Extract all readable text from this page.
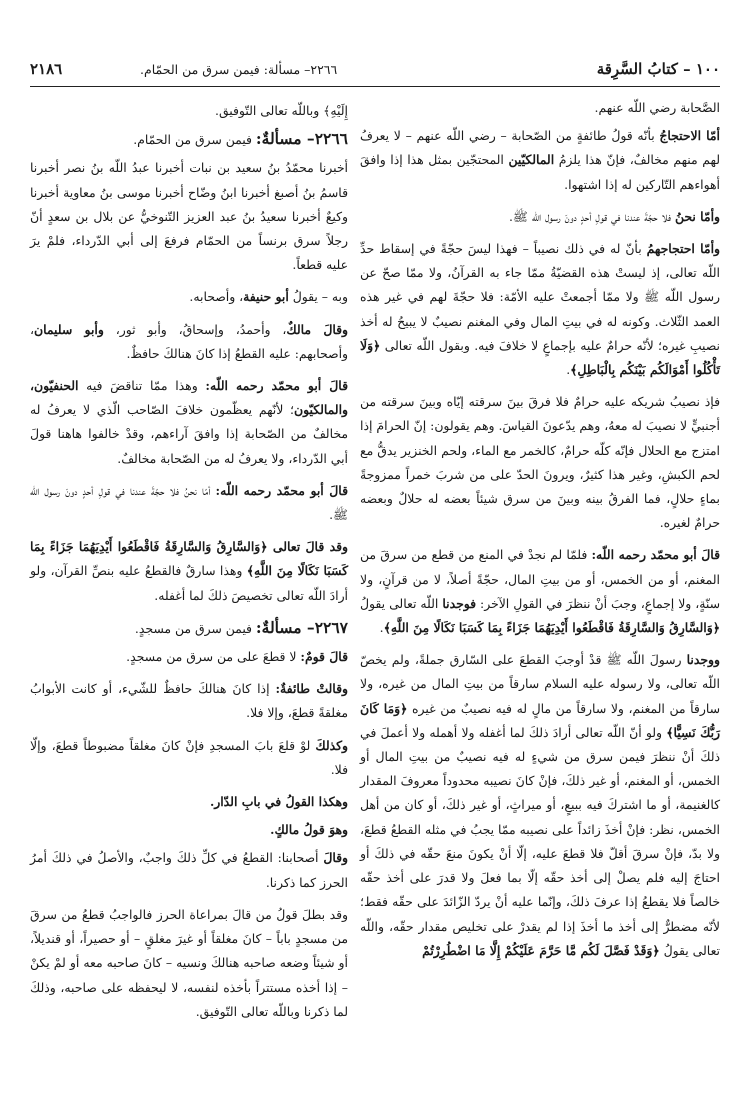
١٠٠ – كتابُ السَّرِقة
٢٢٦٦– مسألة: فيمن سرق من الحمّام.
٢١٨٦

الصَّحابة رضي اللّه عنهم.

أمّا الاحتجاجُ بأنّه قولُ طائفةٍ من الصّحابة – رضي اللّه عنهم – لا يعرفُ لهم منهم مخالفٌ، فإنّ هذا يلزمُ المالكيّين المحتجّين بمثل هذا إذا وافقَ أهواءهم التّاركين له إذا اشتهوا.

وأمّا نحنُ فلا حجّةَ عندنا في قولِ أحدٍ دونَ رسول اللّه ﷺ.

وأمّا احتجاجهمُ بأنّ له في ذلك نصيباً – فهذا ليسَ حجّةً في إسقاط حدِّ اللّه تعالى، إذ ليستْ هذه القضيّةُ ممّا جاء به القرآنُ، ولا ممّا صحّ عن رسول اللّه ﷺ ولا ممّا أجمعتْ عليه الأمّة: فلا حجّةَ لهم في غير هذه العمد الثّلاث. وكونه له في بيتِ المال وفي المغنم نصيبٌ لا يبيحُ له أخذ نصيبِ غيره؛ لأنّه حرامٌ عليه بإجماعٍ لا خلافَ فيه. وبقول اللّه تعالى ﴿وَلَا تَأْكُلُوا أَمْوَالَكُم بَيْنَكُم بِالْبَاطِلِ﴾.

فإذ نصيبُ شريكه عليه حرامٌ فلا فرقَ بينَ سرقته إيّاه وبينَ سرقته من أجنبيٍّ لا نصيبَ له معهُ، وهم يدّعونَ القياسَ. وهم يقولون: إنّ الحرامَ إذا امتزج مع الحلال فإنّه كلّه حرامٌ، كالخمر مع الماء، ولحم الخنزير يدقُّ مع لحم الكبشِ، وغير هذا كثيرٌ، ويرونَ الحدّ على من شربَ خمراً ممزوجةً بماءٍ حلالٍ، فما الفرقُ بينه وبينَ من سرق شيئاً بعضه له حلالٌ وبعضه حرامٌ لغيره.

قالَ أبو محمّد رحمه اللّه: فلمّا لم نجدْ في المنع من قطع من سرقَ من المغنم، أو من الخمس، أو من بيتِ المال، حجّةً أصلاً، لا من قرآنٍ، ولا سنّةٍ، ولا إجماعٍ، وجبَ أنْ ننظرَ في القولِ الآخر: فوجدنا اللّه تعالى يقولُ ﴿وَالسَّارِقُ وَالسَّارِقَةُ فَاقْطَعُوا أَيْدِيَهُمَا جَزَاءً بِمَا كَسَبَا نَكَالًا مِنَ اللَّهِ﴾.

ووجدنا رسولَ اللّه ﷺ قدْ أوجبَ القطعَ على السّارق جملةً، ولم يخصّ اللّه تعالى، ولا رسوله عليه السلام سارقاً من بيتِ المال من غيره، ولا سارقاً من المغنم، ولا سارقاً من مالٍ له فيه نصيبٌ من غيره ﴿وَمَا كَانَ رَبُّكَ نَسِيًّا﴾ ولو أنّ اللّه تعالى أرادَ ذلكَ لما أغفله ولا أهمله ولا أعملَ في ذلكَ أنْ ننظرَ فيمن سرق من شيءٍ له فيه نصيبٌ من بيتِ المال أو الخمس، أو المغنم، أو غير ذلكَ، فإنْ كانَ نصيبه محدوداً معروفَ المقدار كالغنيمة، أو ما اشتركَ فيه ببيعٍ، أو ميراثٍ، أو غير ذلكَ، أو كان من أهل الخمس، نظر: فإنْ أخذَ زائداً على نصيبه ممّا يجبُ في مثله القطعُ قطعَ، ولا بدّ، فإنْ سرقَ أقلّ فلا قطعَ عليه، إلّا أنْ يكونَ منعَ حقّه في ذلكَ أو احتاجَ إليه فلم يصلْ إلى أخذ حقّه إلّا بما فعلَ ولا قدرَ على أخذ حقّه خالصاً فلا يقطعُ إذا عرفَ ذلكَ، وإنّما عليه أنْ يردّ الزّائدَ على حقّه فقط؛ لأنّه مضطرٌّ إلى أخذ ما أخذَ إذا لم يقدرْ على تخليص مقدار حقّه، واللّه تعالى يقولُ ﴿وَقَدْ فَصَّلَ لَكُم مَّا حَرَّمَ عَلَيْكُمْ إِلَّا مَا اضْطُرِرْتُمْ

إِلَيْهِ﴾ وباللّه تعالى التّوفيق.

٢٢٦٦– مسألةٌ: فيمن سرق من الحمّام.

أخبرنا محمّدُ بنُ سعيد بن نبات أخبرنا عبدُ اللّه بنُ نصر أخبرنا قاسمُ بنُ أصبغ أخبرنا ابنُ وضّاح أخبرنا موسى بنُ معاوية أخبرنا وكيعٌ أخبرنا سعيدُ بنُ عبد العزيز التّنوخيُّ عن بلال بن سعدٍ أنّ رجلاً سرق برنساً من الحمّام فرفعَ إلى أبي الدّرداء، فلمْ يرَ عليه قطعاً.

وبه – يقولُ أبو حنيفة، وأصحابه.

وقالَ مالكٌ، وأحمدُ، وإسحاقُ، وأبو ثور، وأبو سليمان، وأصحابهم: عليه القطعُ إذا كانَ هنالكَ حافظٌ.

قالَ أبو محمّد رحمه اللّه: وهذا ممّا تناقضَ فيه الحنفيّون، والمالكيّون؛ لأنّهم يعظّمون خلافَ الصّاحب الّذي لا يعرفُ له مخالفٌ من الصّحابة إذا وافقَ آراءهم، وقدْ خالفوا هاهنا قولَ أبي الدّرداء، ولا يعرفُ له من الصّحابة مخالفٌ.

قالَ أبو محمّد رحمه اللّه: أمّا نحنُ فلا حجّةَ عندنا في قولِ أحدٍ دونَ رسول اللّه ﷺ.

وقد قالَ تعالى ﴿وَالسَّارِقُ وَالسَّارِقَةُ فَاقْطَعُوا أَيْدِيَهُمَا جَزَاءً بِمَا كَسَبَا نَكَالًا مِنَ اللَّهِ﴾ وهذا سارقٌ فالقطعُ عليه بنصِّ القرآن، ولو أرادَ اللّه تعالى تخصيصَ ذلكَ لما أغفله.

٢٢٦٧– مسألةٌ: فيمن سرق من مسجدٍ.

قالَ قومٌ: لا قطعَ على من سرق من مسجدٍ.

وقالتْ طائفةٌ: إذا كانَ هنالكَ حافظٌ للشّيء، أو كانت الأبوابُ مغلقةً قطعَ، وإلا فلا.

وكذلكَ لوْ قلعَ بابَ المسجدِ فإنْ كانَ مغلقاً مضبوطاً قطعَ، وإلّا فلا.

وهكذا القولُ في بابِ الدّار.

وهوَ قولُ مالكٍ.

وقالَ أصحابنا: القطعُ في كلِّ ذلكَ واجبٌ، والأصلُ في ذلكَ أمرُ الحرز كما ذكرنا.

وقد بطلَ قولُ من قالَ بمراعاة الحرز فالواجبُ قطعُ من سرقَ من مسجدٍ باباً – كانَ مغلقاً أو غيرَ مغلقٍ – أو حصيراً، أو قنديلاً، أو شيئاً وضعه صاحبه هنالكَ ونسيه – كانَ صاحبه معه أو لمْ يكنْ – إذا أخذه مستتراً بأخذه لنفسه، لا ليحفظه على صاحبه، وذلكَ لما ذكرنا وباللّه تعالى التّوفيق.
